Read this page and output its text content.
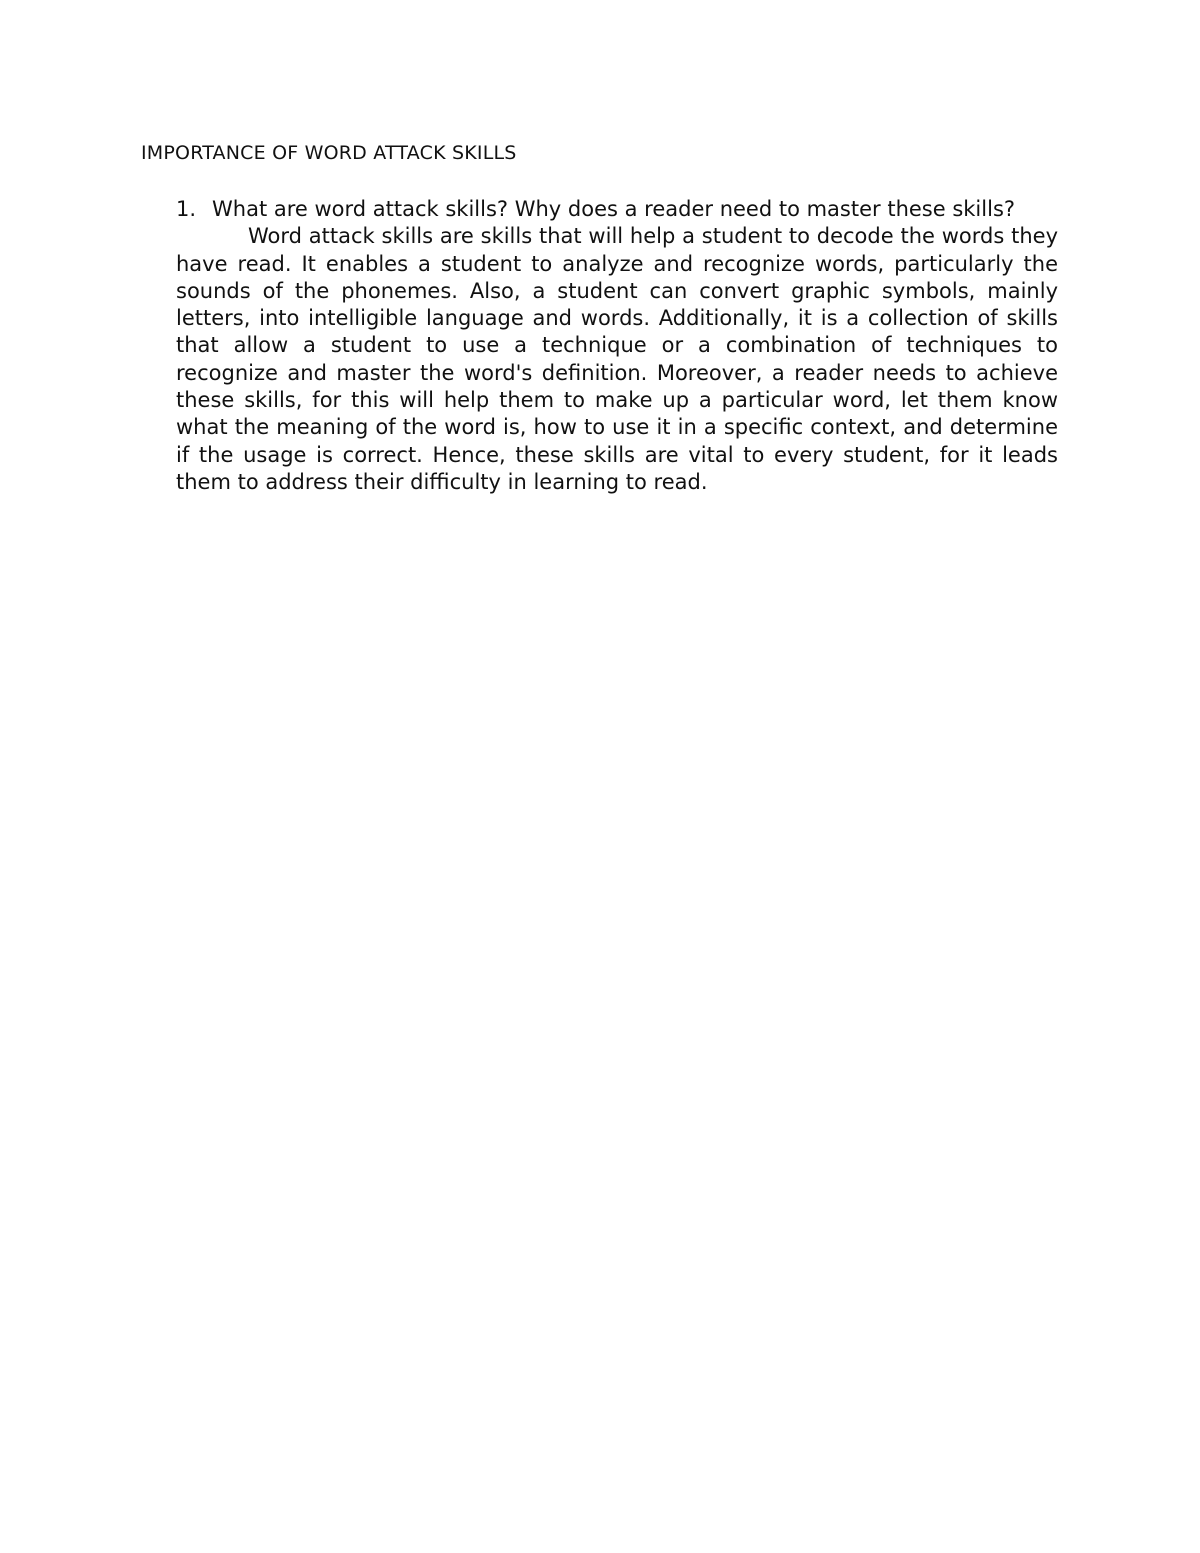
IMPORTANCE OF WORD ATTACK SKILLS
1. What are word attack skills? Why does a reader need to master these skills?

Word attack skills are skills that will help a student to decode the words they have read. It enables a student to analyze and recognize words, particularly the sounds of the phonemes. Also, a student can convert graphic symbols, mainly letters, into intelligible language and words. Additionally, it is a collection of skills that allow a student to use a technique or a combination of techniques to recognize and master the word's definition. Moreover, a reader needs to achieve these skills, for this will help them to make up a particular word, let them know what the meaning of the word is, how to use it in a specific context, and determine if the usage is correct. Hence, these skills are vital to every student, for it leads them to address their difficulty in learning to read.
